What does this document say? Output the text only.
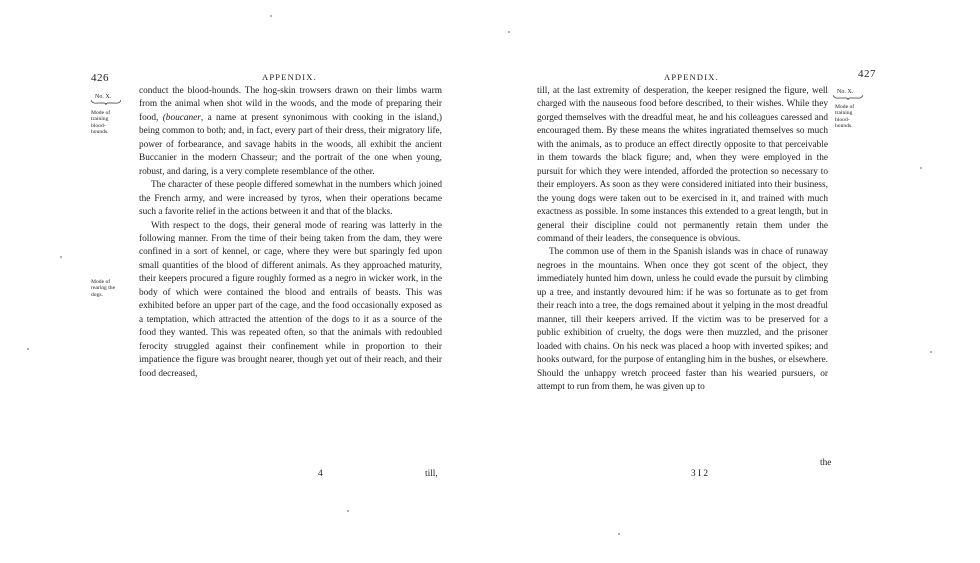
426	APPENDIX.
No. X.
Mode of
training
blood-
hounds.
Mode of
rearing the
dogs.

conduct the blood-hounds. The hog-skin trowsers drawn on their limbs warm from the animal when shot wild in the woods, and the mode of preparing their food, (boucaner, a name at present synonimous with cooking in the island,) being common to both; and, in fact, every part of their dress, their migratory life, power of forbearance, and savage habits in the woods, all exhibit the ancient Buccanier in the modern Chasseur; and the portrait of the one when young, robust, and daring, is a very complete resemblance of the other.

The character of these people differed somewhat in the numbers which joined the French army, and were increased by tyros, when their operations became such a favorite relief in the actions between it and that of the blacks.

With respect to the dogs, their general mode of rearing was latterly in the following manner. From the time of their being taken from the dam, they were confined in a sort of kennel, or cage, where they were but sparingly fed upon small quantities of the blood of different animals. As they approached maturity, their keepers procured a figure roughly formed as a negro in wicker work, in the body of which were contained the blood and entrails of beasts. This was exhibited before an upper part of the cage, and the food occasionally exposed as a temptation, which attracted the attention of the dogs to it as a source of the food they wanted. This was repeated often, so that the animals with redoubled ferocity struggled against their confinement while in proportion to their impatience the figure was brought nearer, though yet out of their reach, and their food decreased,

4	till,
APPENDIX.	427
No. X.
Mode of
training
blood-
hounds.

till, at the last extremity of desperation, the keeper resigned the figure, well charged with the nauseous food before described, to their wishes. While they gorged themselves with the dreadful meat, he and his colleagues caressed and encouraged them. By these means the whites ingratiated themselves so much with the animals, as to produce an effect directly opposite to that perceivable in them towards the black figure; and, when they were employed in the pursuit for which they were intended, afforded the protection so necessary to their employers. As soon as they were considered initiated into their business, the young dogs were taken out to be exercised in it, and trained with much exactness as possible. In some instances this extended to a great length, but in general their discipline could not permanently retain them under the command of their leaders, the consequence is obvious.

The common use of them in the Spanish islands was in chace of runaway negroes in the mountains. When once they got scent of the object, they immediately hunted him down, unless he could evade the pursuit by climbing up a tree, and instantly devoured him: if he was so fortunate as to get from their reach into a tree, the dogs remained about it yelping in the most dreadful manner, till their keepers arrived. If the victim was to be preserved for a public exhibition of cruelty, the dogs were then muzzled, and the prisoner loaded with chains. On his neck was placed a hoop with inverted spikes; and hooks outward, for the purpose of entangling him in the bushes, or elsewhere. Should the unhappy wretch proceed faster than his wearied pursuers, or attempt to run from them, he was given up to

3 I 2
the
